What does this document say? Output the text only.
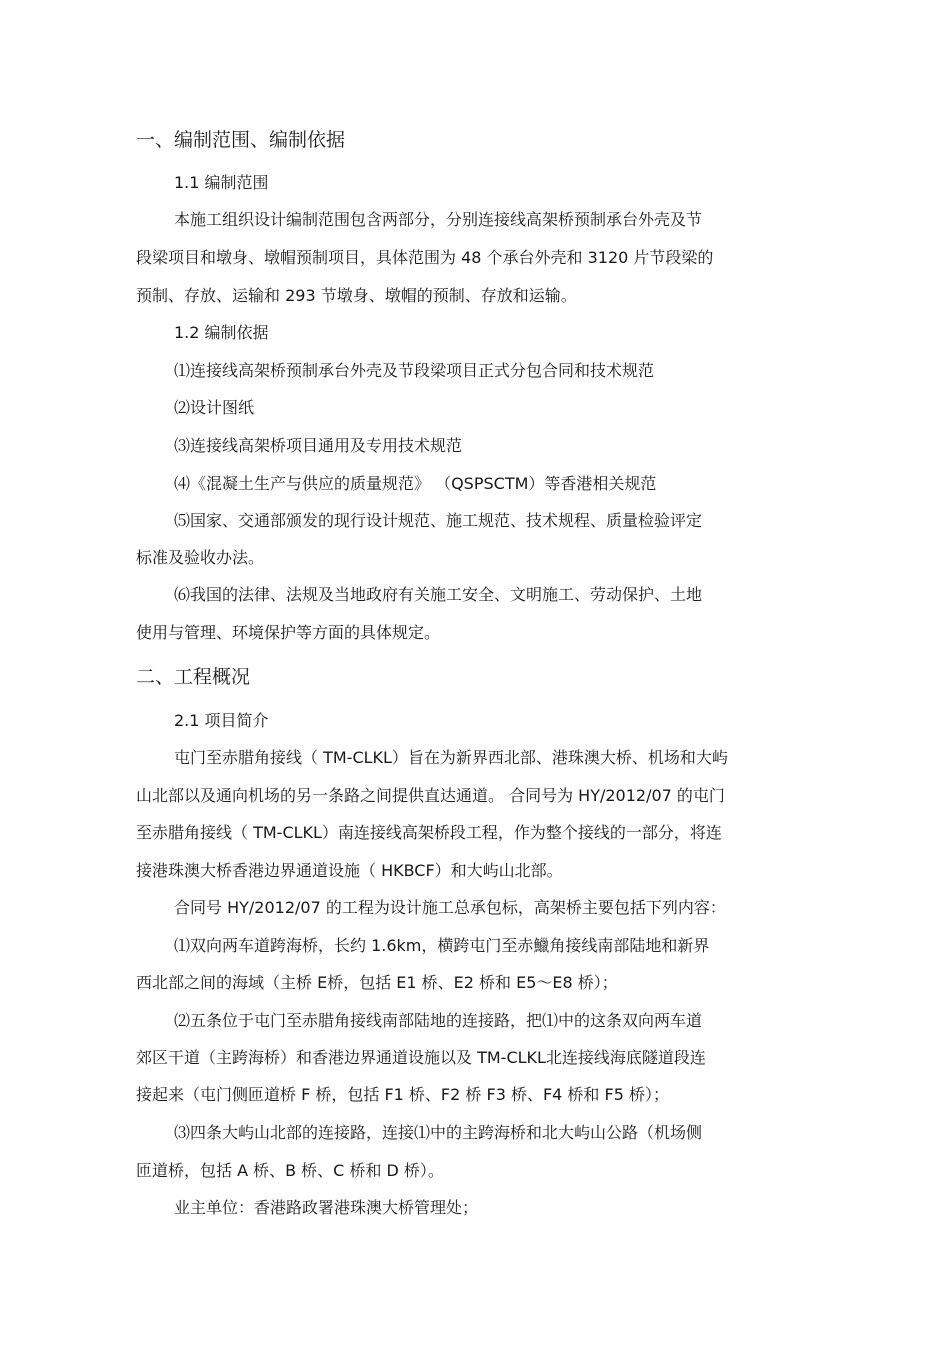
一、编制范围、编制依据
1.1 编制范围
本施工组织设计编制范围包含两部分，分别连接线高架桥预制承台外壳及节
段梁项目和墩身、墩帽预制项目，具体范围为 48 个承台外壳和 3120 片节段梁的
预制、存放、运输和 293 节墩身、墩帽的预制、存放和运输。
1.2 编制依据
⑴连接线高架桥预制承台外壳及节段梁项目正式分包合同和技术规范
⑵设计图纸
⑶连接线高架桥项目通用及专用技术规范
⑷《混凝土生产与供应的质量规范》 （QSPSCTM）等香港相关规范
⑸国家、交通部颁发的现行设计规范、施工规范、技术规程、质量检验评定
标准及验收办法。
⑹我国的法律、法规及当地政府有关施工安全、文明施工、劳动保护、土地
使用与管理、环境保护等方面的具体规定。
二、工程概况
2.1 项目简介
屯门至赤腊角接线（ TM-CLKL）旨在为新界西北部、港珠澳大桥、机场和大屿
山北部以及通向机场的另一条路之间提供直达通道。 合同号为 HY/2012/07 的屯门
至赤腊角接线（ TM-CLKL）南连接线高架桥段工程，作为整个接线的一部分，将连
接港珠澳大桥香港边界通道设施（ HKBCF）和大屿山北部。
合同号 HY/2012/07 的工程为设计施工总承包标，高架桥主要包括下列内容：
⑴双向两车道跨海桥，长约 1.6km，横跨屯门至赤鱲角接线南部陆地和新界
西北部之间的海域（主桥 E桥，包括 E1 桥、E2 桥和 E5～E8 桥）；
⑵五条位于屯门至赤腊角接线南部陆地的连接路，把⑴中的这条双向两车道
郊区干道（主跨海桥）和香港边界通道设施以及 TM-CLKL北连接线海底隧道段连
接起来（屯门侧匝道桥 F 桥，包括 F1 桥、F2 桥 F3 桥、F4 桥和 F5 桥）；
⑶四条大屿山北部的连接路，连接⑴中的主跨海桥和北大屿山公路（机场侧
匝道桥，包括 A 桥、B 桥、C 桥和 D 桥）。
业主单位：香港路政署港珠澳大桥管理处；
